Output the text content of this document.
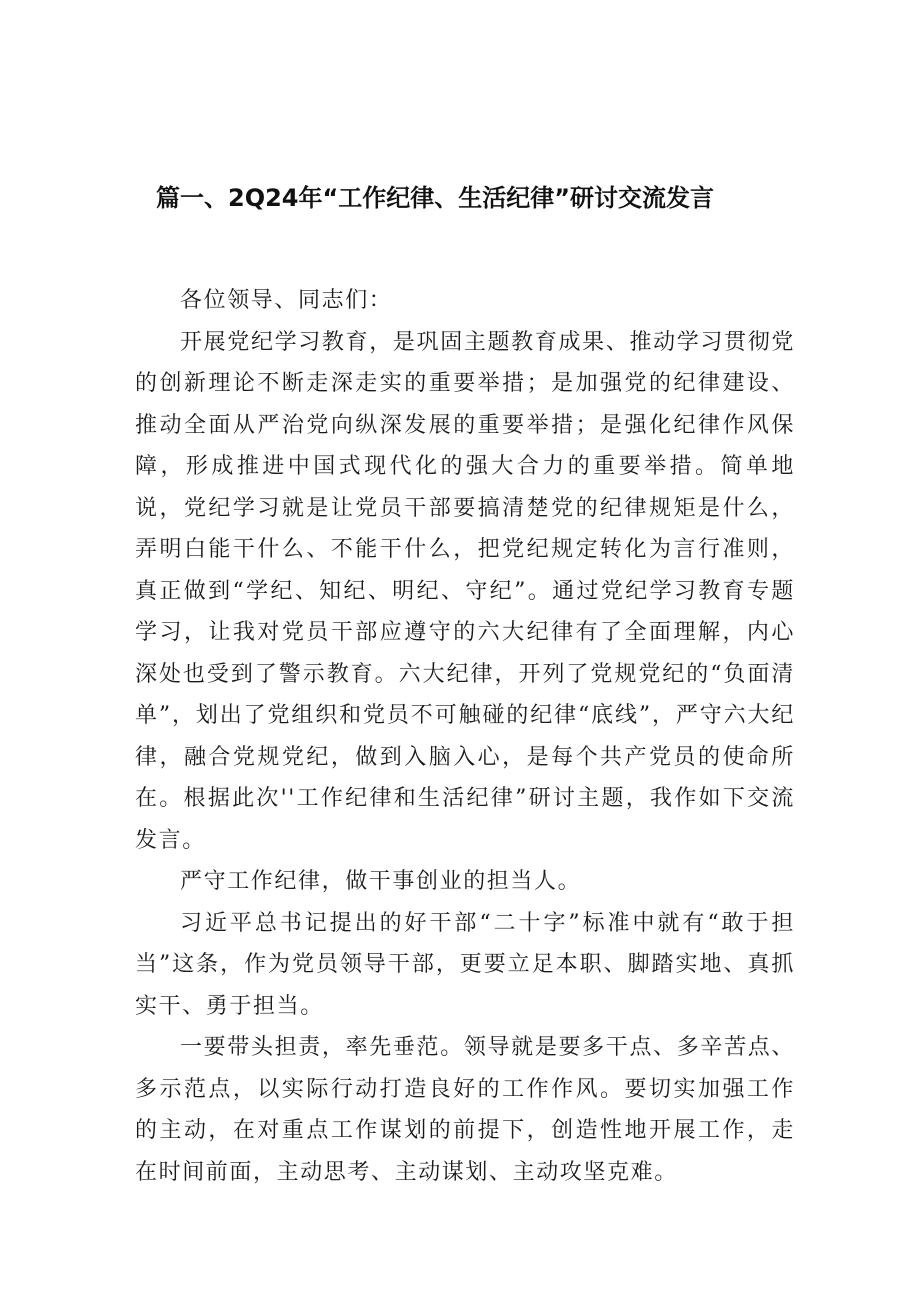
篇一、2Q24年“工作纪律、生活纪律”研讨交流发言

各位领导、同志们：

开展党纪学习教育，是巩固主题教育成果、推动学习贯彻党的创新理论不断走深走实的重要举措；是加强党的纪律建设、推动全面从严治党向纵深发展的重要举措；是强化纪律作风保障，形成推进中国式现代化的强大合力的重要举措。简单地说，党纪学习就是让党员干部要搞清楚党的纪律规矩是什么，弄明白能干什么、不能干什么，把党纪规定转化为言行准则，真正做到“学纪、知纪、明纪、守纪”。通过党纪学习教育专题学习，让我对党员干部应遵守的六大纪律有了全面理解，内心深处也受到了警示教育。六大纪律，开列了党规党纪的“负面清单”，划出了党组织和党员不可触碰的纪律“底线”，严守六大纪律，融合党规党纪，做到入脑入心，是每个共产党员的使命所在。根据此次''工作纪律和生活纪律”研讨主题，我作如下交流发言。

严守工作纪律，做干事创业的担当人。

习近平总书记提出的好干部“二十字”标准中就有“敢于担当”这条，作为党员领导干部，更要立足本职、脚踏实地、真抓实干、勇于担当。

一要带头担责，率先垂范。领导就是要多干点、多辛苦点、多示范点，以实际行动打造良好的工作作风。要切实加强工作的主动，在对重点工作谋划的前提下，创造性地开展工作，走在时间前面，主动思考、主动谋划、主动攻坚克难。
